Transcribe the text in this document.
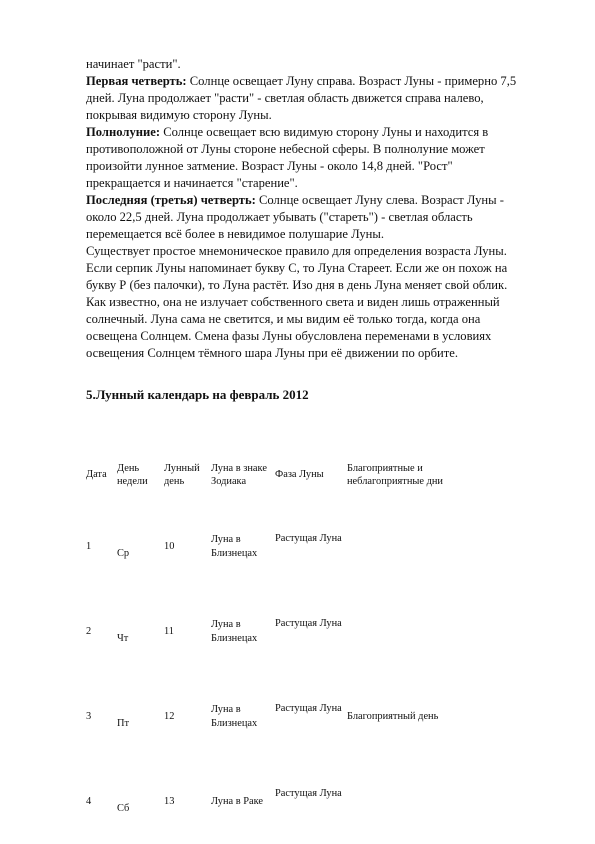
начинает "расти".

Первая четверть: Солнце освещает Луну справа. Возраст Луны - примерно 7,5 дней. Луна продолжает "расти" - светлая область движется справа налево, покрывая видимую сторону Луны.

Полнолуние: Солнце освещает всю видимую сторону Луны и находится в противоположной от Луны стороне небесной сферы. В полнолуние может произойти лунное затмение. Возраст Луны - около 14,8 дней. "Рост" прекращается и начинается "старение".

Последняя (третья) четверть: Солнце освещает Луну слева. Возраст Луны - около 22,5 дней. Луна продолжает убывать ("стареть") - светлая область перемещается всё более в невидимое полушарие Луны.

Существует простое мнемоническое правило для определения возраста Луны. Если серпик Луны напоминает букву С, то Луна Стареет. Если же он похож на букву Р (без палочки), то Луна растёт. Изо дня в день Луна меняет свой облик. Как известно, она не излучает собственного света и виден лишь отраженный солнечный. Луна сама не светится, и мы видим её только тогда, когда она освещена Солнцем. Смена фазы Луны обусловлена переменами в условиях освещения Солнцем тёмного шара Луны при её движении по орбите.

5.Лунный календарь на февраль 2012
Дата	День недели	Лунный день	Луна в знаке Зодиака	Фаза Луны	Благоприятные и неблагоприятные дни
1	Ср	10	Луна в Близнецах	Растущая Луна	
2	Чт	11	Луна в Близнецах	Растущая Луна	
3	Пт	12	Луна в Близнецах	Растущая Луна	Благоприятный день
4	Сб	13	Луна в Раке	Растущая Луна	
